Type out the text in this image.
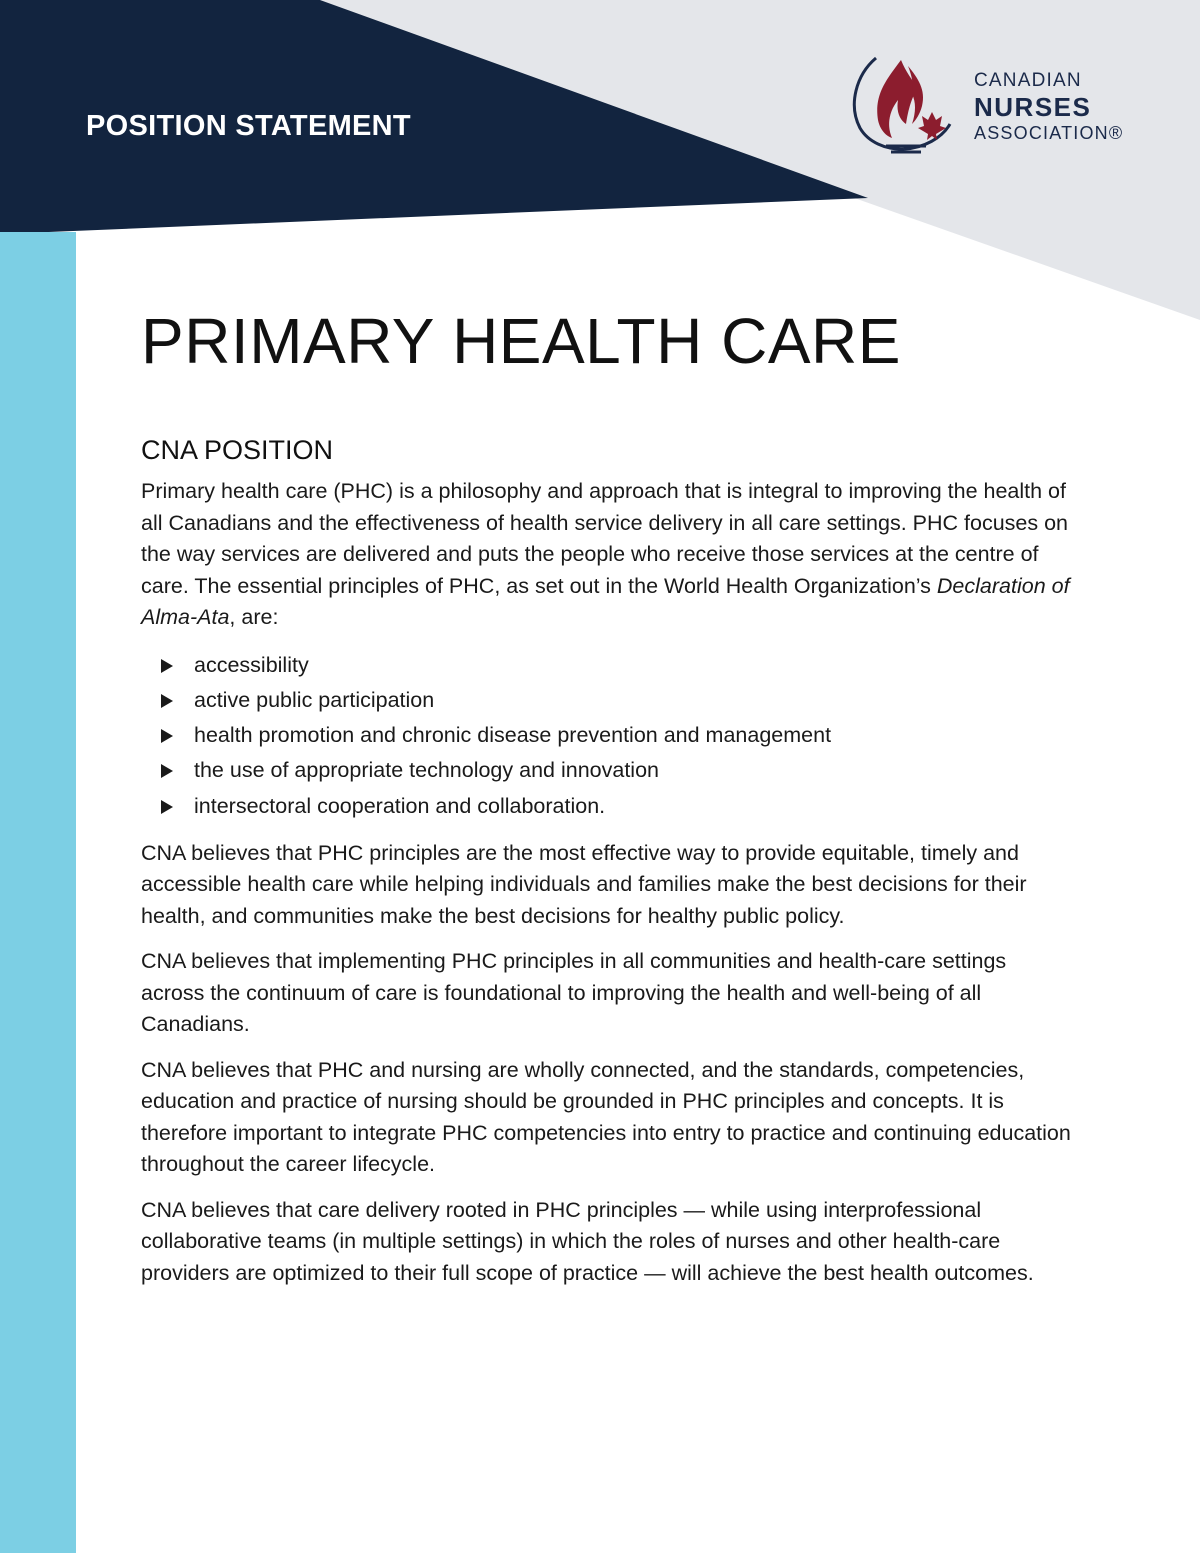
POSITION STATEMENT
CANADIAN
NURSES
ASSOCIATION®
PRIMARY HEALTH CARE
CNA POSITION

Primary health care (PHC) is a philosophy and approach that is integral to improving the health of all Canadians and the effectiveness of health service delivery in all care settings. PHC focuses on the way services are delivered and puts the people who receive those services at the centre of care. The essential principles of PHC, as set out in the World Health Organization’s Declaration of Alma-Ata, are:

accessibility
active public participation
health promotion and chronic disease prevention and management
the use of appropriate technology and innovation
intersectoral cooperation and collaboration.

CNA believes that PHC principles are the most effective way to provide equitable, timely and accessible health care while helping individuals and families make the best decisions for their health, and communities make the best decisions for healthy public policy.

CNA believes that implementing PHC principles in all communities and health-care settings across the continuum of care is foundational to improving the health and well-being of all Canadians.

CNA believes that PHC and nursing are wholly connected, and the standards, competencies, education and practice of nursing should be grounded in PHC principles and concepts. It is therefore important to integrate PHC competencies into entry to practice and continuing education throughout the career lifecycle.

CNA believes that care delivery rooted in PHC principles — while using interprofessional collaborative teams (in multiple settings) in which the roles of nurses and other health-care providers are optimized to their full scope of practice — will achieve the best health outcomes.
